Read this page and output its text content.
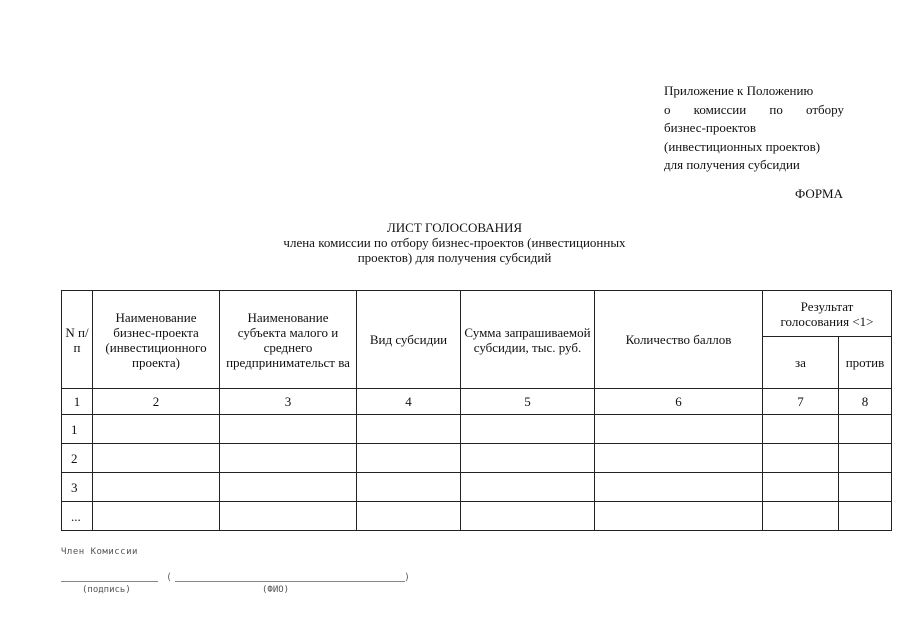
Приложение к Положению
о комиссии по отбору
бизнес-проектов
(инвестиционных проектов)
для получения субсидии
ФОРМА
ЛИСТ ГОЛОСОВАНИЯ
члена комиссии по отбору бизнес-проектов (инвестиционных
проектов) для получения субсидий
N п/п	Наименование бизнес-проекта (инвестиционного проекта)	Наименование субъекта малого и среднего предпринимательст ва	Вид субсидии	Сумма запрашиваемой субсидии, тыс. руб.	Количество баллов	Результат голосования <1>	
						за	против
1	2	3	4	5	6	7	8
1							
2							
3							
...							
Член Комиссии
(	)
(подпись)	(ФИО)
